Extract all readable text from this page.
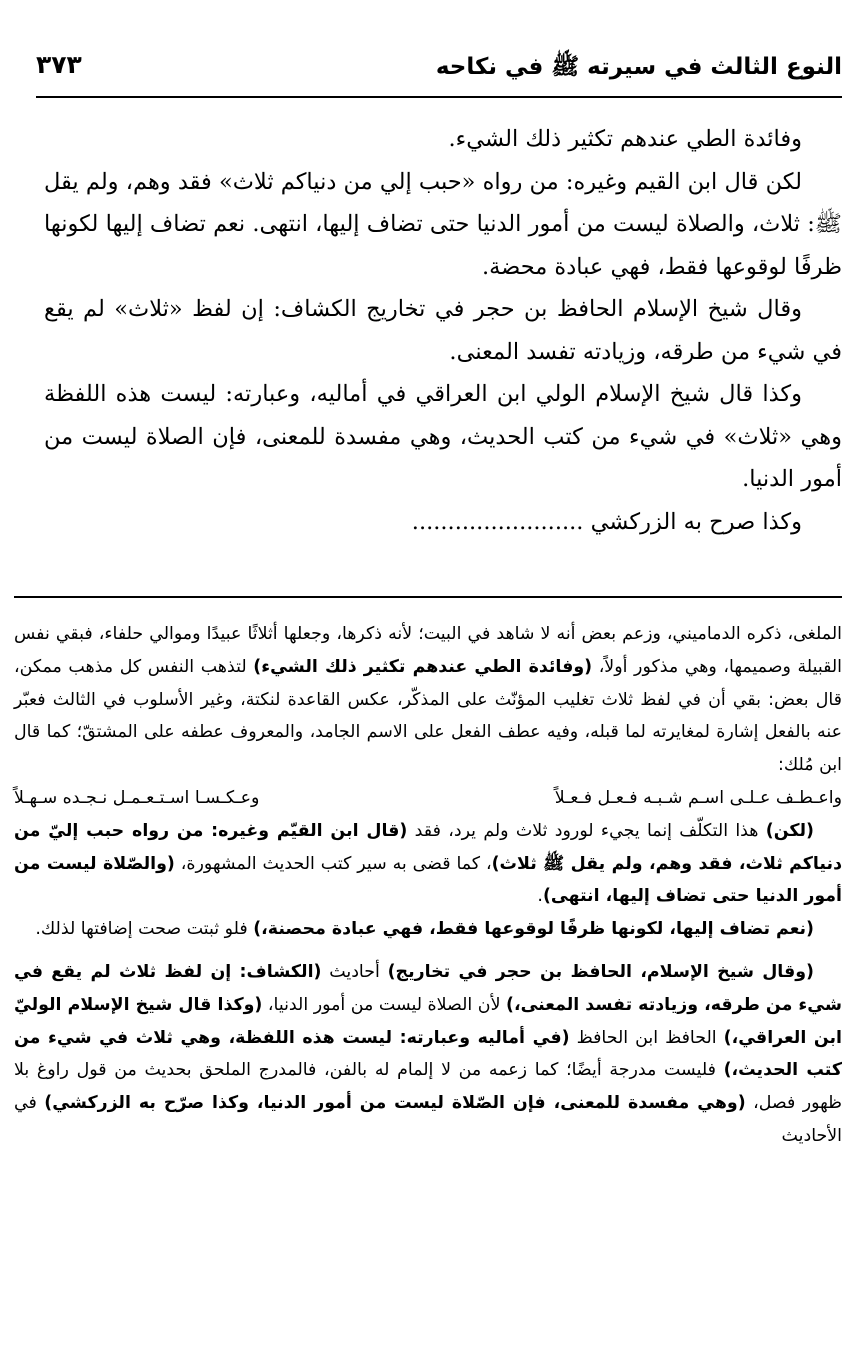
النوع الثالث في سيرته ﷺ في نكاحه
٣٧٣

وفائدة الطي عندهم تكثير ذلك الشيء.

لكن قال ابن القيم وغيره: من رواه «حبب إلي من دنياكم ثلاث» فقد وهم، ولم يقل ﷺ: ثلاث، والصلاة ليست من أمور الدنيا حتى تضاف إليها، انتهى. نعم تضاف إليها لكونها ظرفًا لوقوعها فقط، فهي عبادة محضة.

وقال شيخ الإسلام الحافظ بن حجر في تخاريج الكشاف: إن لفظ «ثلاث» لم يقع في شيء من طرقه، وزيادته تفسد المعنى.

وكذا قال شيخ الإسلام الولي ابن العراقي في أماليه، وعبارته: ليست هذه اللفظة وهي «ثلاث» في شيء من كتب الحديث، وهي مفسدة للمعنى، فإن الصلاة ليست من أمور الدنيا.

وكذا صرح به الزركشي ........................

الملغى، ذكره الدماميني، وزعم بعض أنه لا شاهد في البيت؛ لأنه ذكرها، وجعلها أثلاثًا عبيدًا وموالي حلفاء، فبقي نفس القبيلة وصميمها، وهي مذكور أولاً، (وفائدة الطي عندهم تكثير ذلك الشيء) لتذهب النفس كل مذهب ممكن، قال بعض: بقي أن في لفظ ثلاث تغليب المؤنّث على المذكّر، عكس القاعدة لنكتة، وغير الأسلوب في الثالث فعبّر عنه بالفعل إشارة لمغايرته لما قبله، وفيه عطف الفعل على الاسم الجامد، والمعروف عطفه على المشتقّ؛ كما قال ابن مُلك:

واعـطـف عـلـى اسـم شـبـه فـعـل فـعـلاً
وعـكـسـا اسـتـعـمـل نـجـده سـهـلاً

(لكن) هذا التكلّف إنما يجيء لورود ثلاث ولم يرد، فقد (قال ابن القيّم وغيره: من رواه حبب إليّ من دنياكم ثلاث، فقد وهم، ولم يقل ﷺ ثلاث)، كما قضى به سير كتب الحديث المشهورة، (والصّلاة ليست من أمور الدنيا حتى تضاف إليها، انتهى).

(نعم تضاف إليها، لكونها ظرفًا لوقوعها فقط، فهي عبادة محصنة،) فلو ثبتت صحت إضافتها لذلك.

(وقال شيخ الإسلام، الحافظ بن حجر في تخاريج) أحاديث (الكشاف: إن لفظ ثلاث لم يقع في شيء من طرقه، وزيادته تفسد المعنى،) لأن الصلاة ليست من أمور الدنيا، (وكذا قال شيخ الإسلام الوليّ ابن العراقي،) الحافظ ابن الحافظ (في أماليه وعبارته: ليست هذه اللفظة، وهي ثلاث في شيء من كتب الحديث،) فليست مدرجة أيضًا؛ كما زعمه من لا إلمام له بالفن، فالمدرج الملحق بحديث من قول راوغ بلا ظهور فصل، (وهي مفسدة للمعنى، فإن الصّلاة ليست من أمور الدنيا، وكذا صرّح به الزركشي) في الأحاديث
